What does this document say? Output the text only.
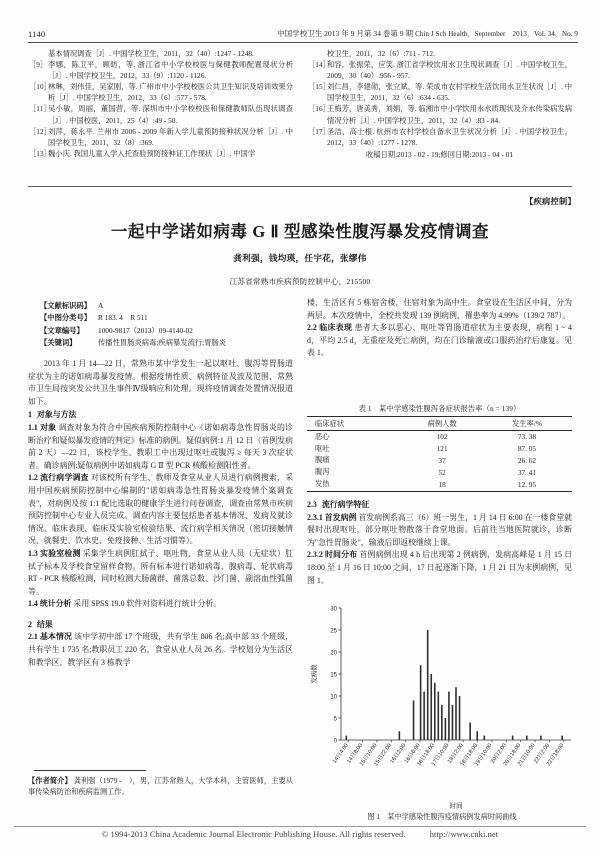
1140	中国学校卫生 2013 年 9 月第 34 卷第 9 期 Chin J Sch Health，September　2013，Vol. 34，No. 9
基本情况调查［J］. 中国学校卫生，2011，32（40）:1247 - 1248.
［9］ 李娜，陈卫平，顾昉，等. 浙江省中小学校校医与保健教师配置现状分析［J］. 中国学校卫生，2012，33（9）:1120 - 1126.
［10］
林琳，刘伟佳，吴家刚，等. 广州市中小学校校医公共卫生知识及培训效果分析［J］. 中国学校卫生，2012，33（6）:577 - 578.
［11］
吴小敏，周丽，董国营，等. 深圳市中小学校校医和保健教师队伍现状调查［J］. 中国校医，2011，25（4）:49 - 50.
［12］
刘萍，蒋永平. 兰州市 2006 - 2009 年新入学儿童预防接种状况分析［J］. 中国学校卫生，2011，32（8）:369.
［13］
魏小庆. 我国儿童入学入托查验预防接种证工作现状［J］. 中国学
校卫生，2011，32（6）:711 - 712.
［14］
和容，张振荣，应笑. 浙江省学校饮用水卫生现状调查［J］. 中国学校卫生，2009，30（40）:956 - 957.
［15］
刘仁昌，李建勋，张立斌，等. 荣成市农村学校生活饮用水卫生状况［J］. 中国学校卫生，2011，32（6）:634 - 635.
［16］
王梅芳，唐美秀，刘娟，等. 临湘市中小学饮用水水质现状及介水传染病发病情况分析［J］. 中国学校卫生，2011，32（4）:83 - 84.
［17］
圣洁，高士根. 杭州市农村学校自备水卫生状况分析［J］. 中国学校卫生，2012，33（40）:1277 - 1278.
收稿日期:2013 - 02 - 19;修回日期:2013 - 04 - 01
【疾病控制】
一起中学诺如病毒 G Ⅱ 型感染性腹泻暴发疫情调查
龚利强，钱均瑛，任宇花，张缪伟
江苏省常熟市疾病预防控制中心，215500
【文献标识码】 A
【中图分类号】 R 183. 4　R 511
【文章编号】	1000-9817（2013）09-4140-02
【关键词】	传播性胃肠炎病毒;疾病暴发流行;胃肠炎

2013 年 1 月 14—22 日，常熟市某中学发生一起以呕吐、腹泻等胃肠道症状为主的诺如病毒暴发疫情。根据疫情性质、病例特征及波及范围，常熟市卫生局按突发公共卫生事件Ⅳ级响应和处理。现将疫情调查处置情况报道如下。

1 对象与方法

1.1 对象 调查对象为符合中国疾病预防控制中心《诺如病毒急性胃肠炎的诊断治疗和疑似暴发疫情的判定》标准的病例。疑似病例:1 月 12 日（首例发病前 2 天）—22 日，该校学生、教职工中出现过呕吐或腹泻 ≥ 每天 3 次症状者。确诊病例:疑似病例中诺如病毒 G Ⅱ 型 PCR 核酸检测阳性者。

1.2 流行病学调查 对该校所有学生、教师及食堂从业人员进行病例搜索，采用中国疾病预防控制中心编制的"诺如病毒急性胃肠炎暴发疫情个案调查表"，对病例及按 1:1 配比选取的健康学生进行问卷调查，调查由常熟市疾病预防控制中心专业人员完成。调查内容主要包括患者基本情况、发病及就诊情况、临床表现、临床及实验室检验结果、流行病学相关情况（密切接触情况、就餐史、饮水史、免疫接种、生活习惯等）。

1.3 实验室检测 采集学生病例肛拭子、呕吐物，食堂从业人员（无症状）肛拭子标本及学校食堂留样食物。所有标本进行诺如病毒、腺病毒、轮状病毒 RT - PCR 核酸检测，同时检测大肠菌群、菌落总数、沙门菌、副溶血性弧菌等。

1.4 统计分析 采用 SPSS 19.0 软件对资料进行统计分析。

2 结果

2.1 基本情况 该中学初中部 17 个班级，共有学生 806 名;高中部 33 个班级，共有学生 1 735 名;教职员工 220 名，食堂从业人员 26 名。学校划分为生活区和教学区，教学区有 3 栋教学

楼，生活区有 5 栋宿舍楼，住宿对象为高中生。食堂设在生活区中间，分为两层。本次疫情中，全校共发现 139 例病例，罹患率为 4.99%（139/2 787）。

2.2 临床表现 患者大多以恶心、呕吐等胃肠道症状为主要表现，病程 1 ~ 4 d，平均 2.5 d，无重症及死亡病例，均在门诊输液或口服药治疗后康复。见表 1。

表 1　某中学感染性腹泻各症状报告率（n = 139）
临床症状	病例人数	发生率/%
恶心	102	73. 38
呕吐	121	87. 05
腹痛	37	26. 62
腹泻	52	37. 41
发热	18	12. 95

2.3 流行病学特征

2.3.1 首发病例 首发病例系高三（6）班一男生，1 月 14 日 6:00 在一楼食堂就餐时出现呕吐，部分呕吐物散落于食堂地面。后前往当地医院就诊，诊断为"急性胃肠炎"，输液后即返校继续上课。

2.3.2 时间分布 首例病例出现 4 h 后出现第 2 例病例，发病高峰是 1 月 15 日 18:00 至 1 月 16 日 10:00 之间，17 日起逐渐下降，1 月 21 日为末例病例，见图 1。

0
5
10
15
20
25
30
发病数
14日4:00
14日8:00
15日10:00
15日22:00
16日2:00
16日6:00
16日18:00
17日10:00
18日2:00
18日18:00
19日10:00
20日2:00
20日18:00
21日10:00
22日2:00
22日18:00
时间
图 1　某中学感染性腹泻疫情病例发病时间曲线
【作者简介】 龚利强（1979 -　），男，江苏常熟人，大学本科，主管医师，主要从事传染病防治和疾病监测工作。
© 1994-2013 China Academic Journal Electronic Publishing House. All rights reserved.	http://www.cnki.net
